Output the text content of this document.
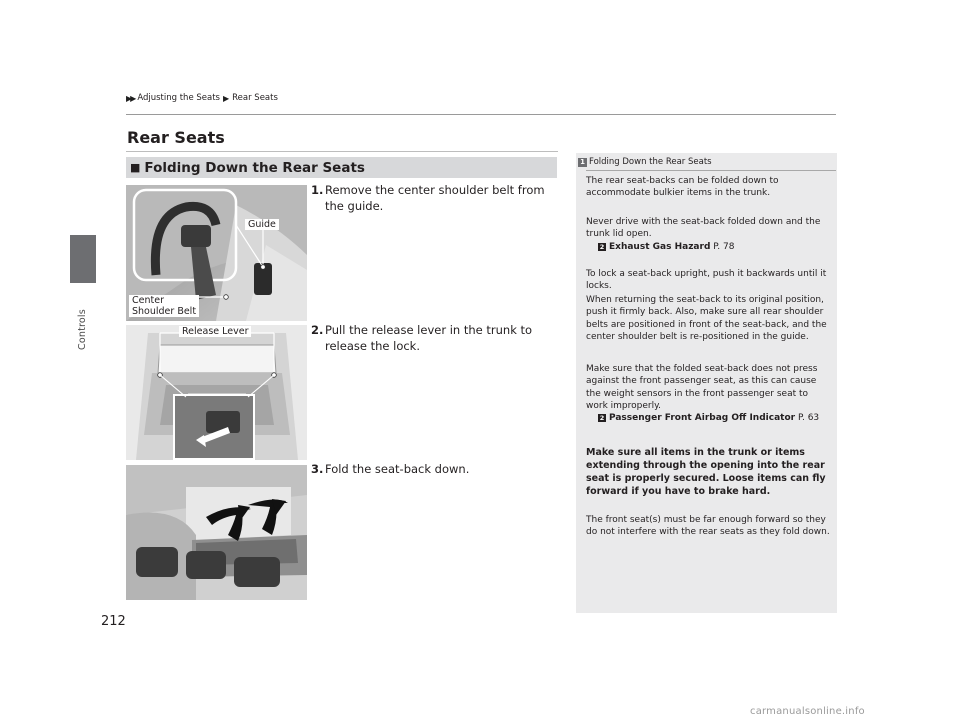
Controls
▶▶ Adjusting the Seats ▶ Rear Seats
Rear Seats
■ Folding Down the Rear Seats
Guide
Center
Shoulder Belt
Release Lever
1. Remove the center shoulder belt from the guide.
2. Pull the release lever in the trunk to release the lock.
3. Fold the seat-back down.
1 Folding Down the Rear Seats
The rear seat-backs can be folded down to accommodate bulkier items in the trunk.
Never drive with the seat-back folded down and the trunk lid open.
2 Exhaust Gas Hazard P. 78
To lock a seat-back upright, push it backwards until it locks.
When returning the seat-back to its original position, push it firmly back. Also, make sure all rear shoulder belts are positioned in front of the seat-back, and the center shoulder belt is re-positioned in the guide.
Make sure that the folded seat-back does not press against the front passenger seat, as this can cause the weight sensors in the front passenger seat to work improperly.
2 Passenger Front Airbag Off Indicator P. 63
Make sure all items in the trunk or items extending through the opening into the rear seat is properly secured. Loose items can fly forward if you have to brake hard.
The front seat(s) must be far enough forward so they do not interfere with the rear seats as they fold down.
212
carmanualsonline.info
